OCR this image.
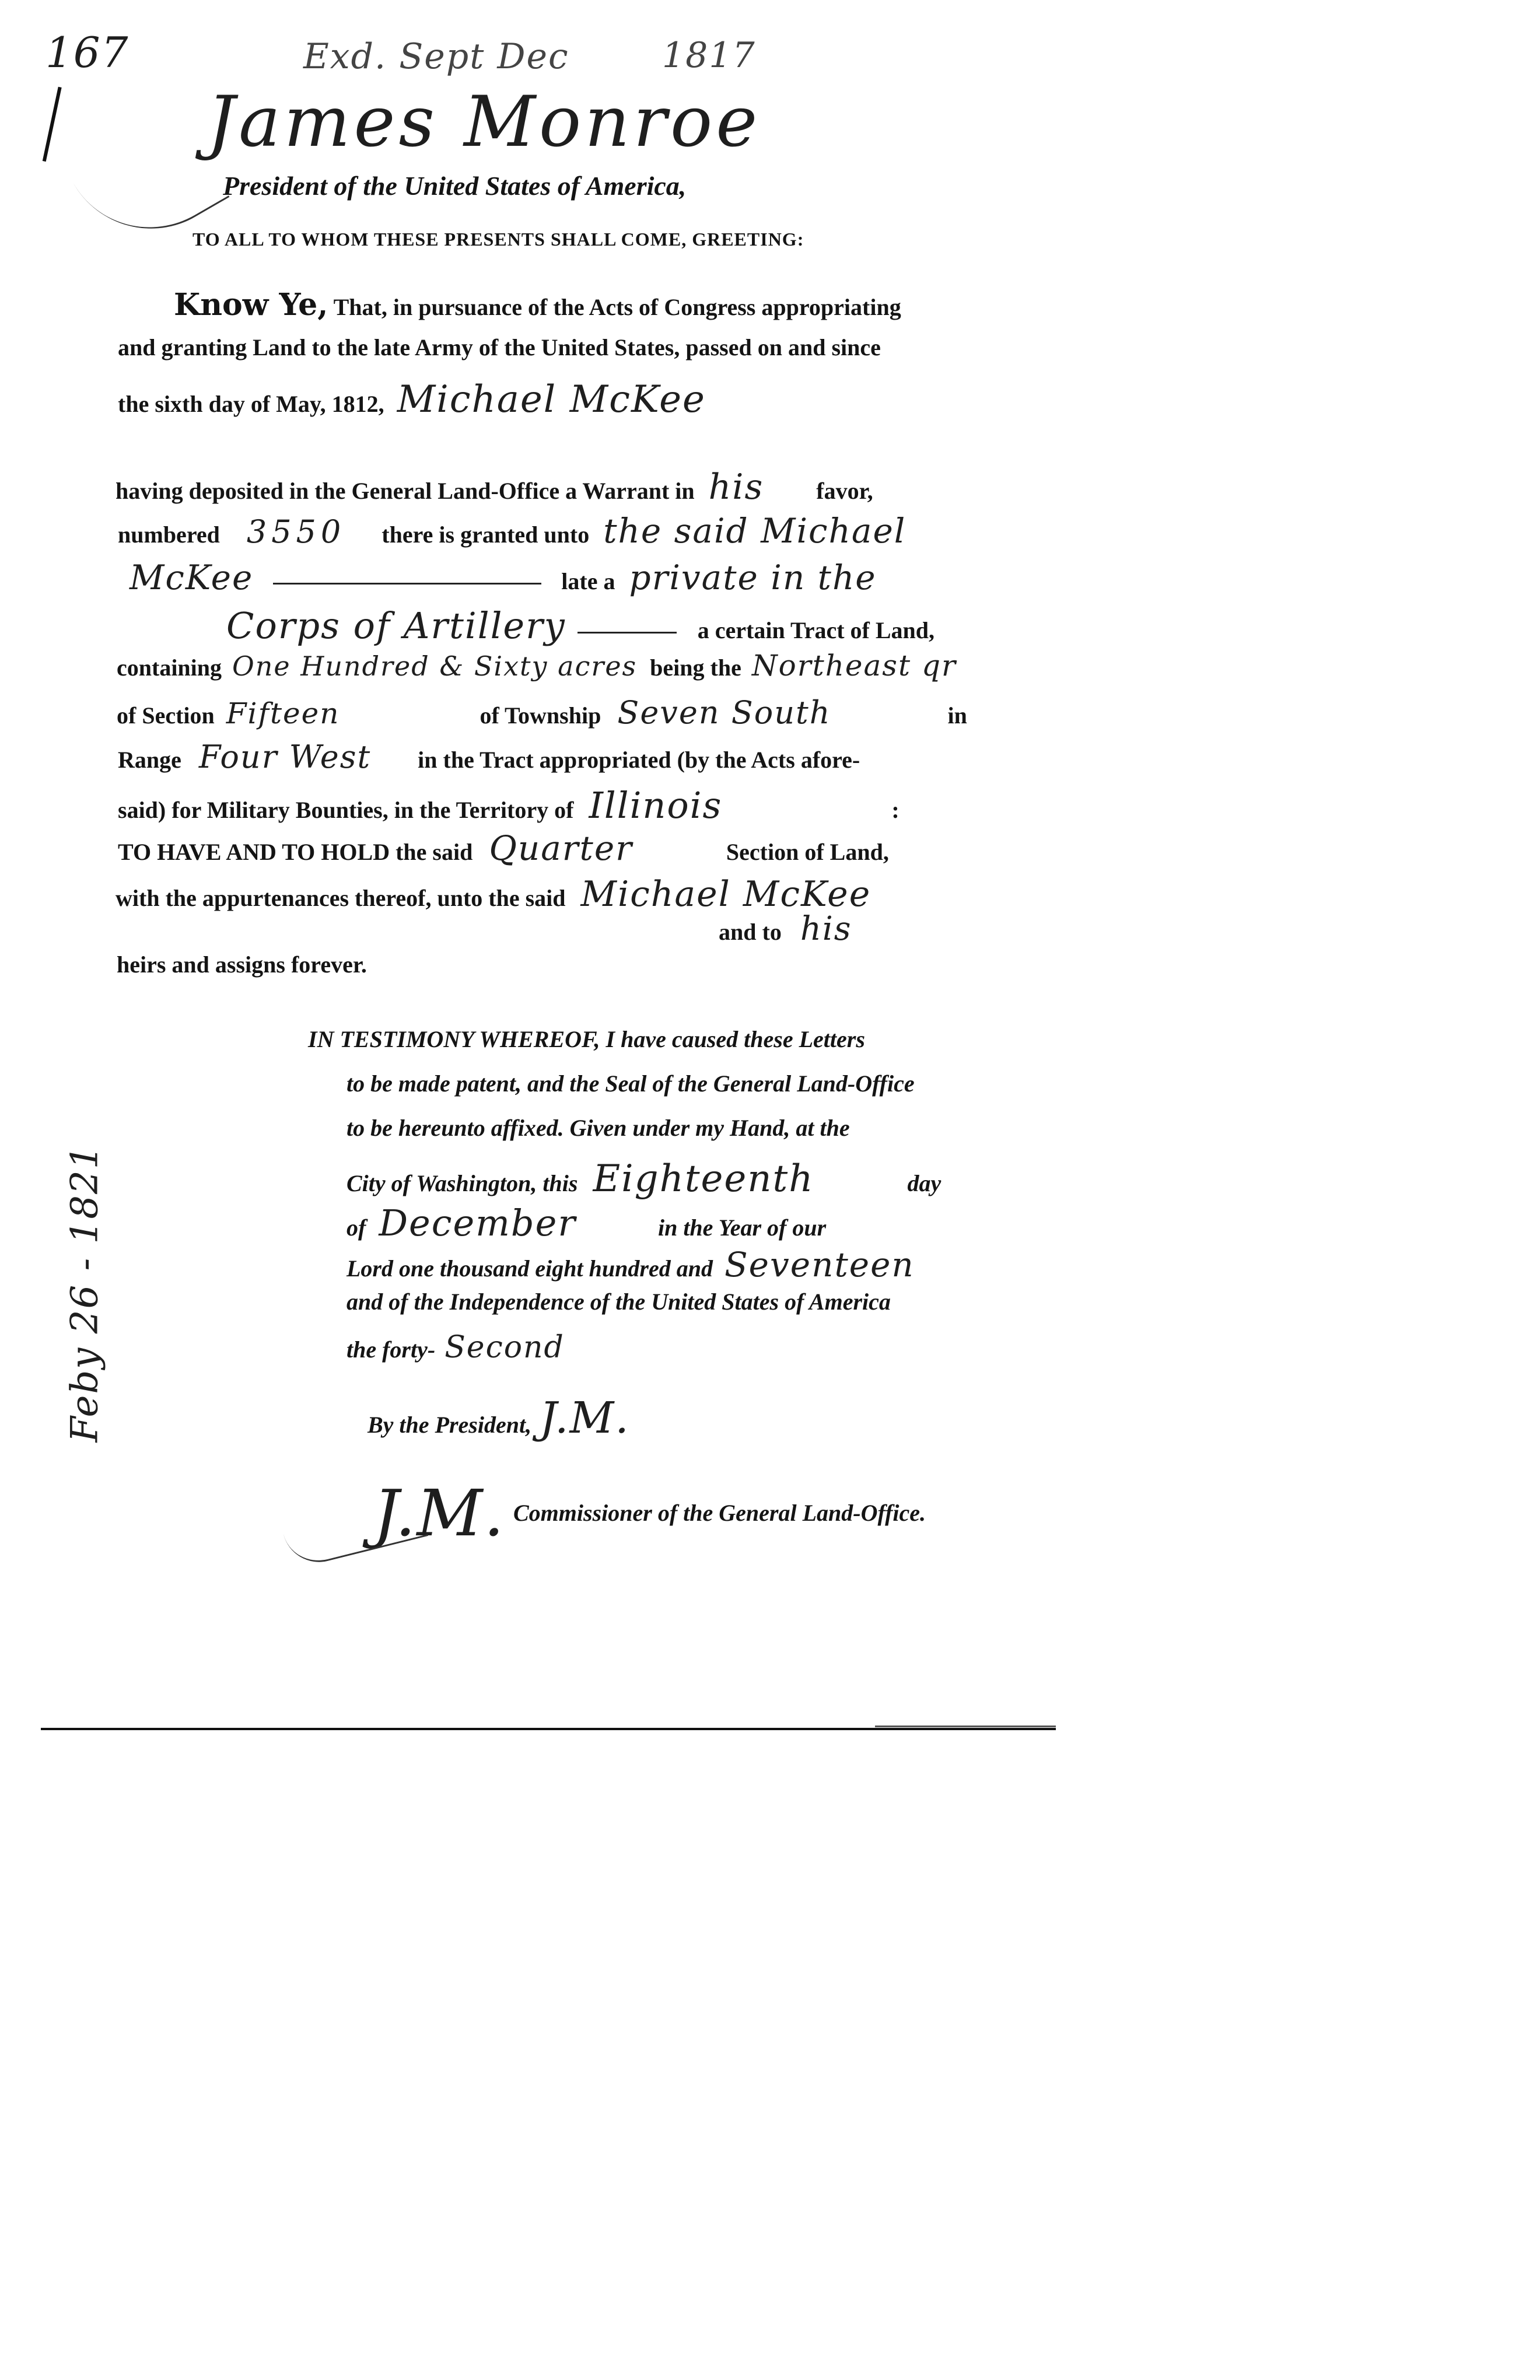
167	Exd. Sept Dec	1817
Feby 26 - 1821
James Monroe
President of the United States of America,
TO ALL TO WHOM THESE PRESENTS SHALL COME, GREETING:
Know Ye, That, in pursuance of the Acts of Congress appropriating
and granting Land to the late Army of the United States, passed on and since
the sixth day of May, 1812, Michael McKee
having deposited in the General Land-Office a Warrant in his favor,
numbered 3550 there is granted unto the said Michael
McKee	late a private in the
Corps of Artillery	a certain Tract of Land,
containing One Hundred & Sixty acres being the Northeast qr
of Section Fifteen	of Township Seven South	in
Range Four West in the Tract appropriated (by the Acts afore-
said) for Military Bounties, in the Territory of Illinois	:
TO HAVE AND TO HOLD the said Quarter	Section of Land,
with the appurtenances thereof, unto the said Michael McKee
and to his
heirs and assigns forever.
IN TESTIMONY WHEREOF, I have caused these Letters
to be made patent, and the Seal of the General Land-Office
to be hereunto affixed. Given under my Hand, at the
City of Washington, this Eighteenth	day
of December	in the Year of our
Lord one thousand eight hundred and Seventeen
and of the Independence of the United States of America
the forty- Second
By the President, J.M.
J.M. Commissioner of the General Land-Office.
